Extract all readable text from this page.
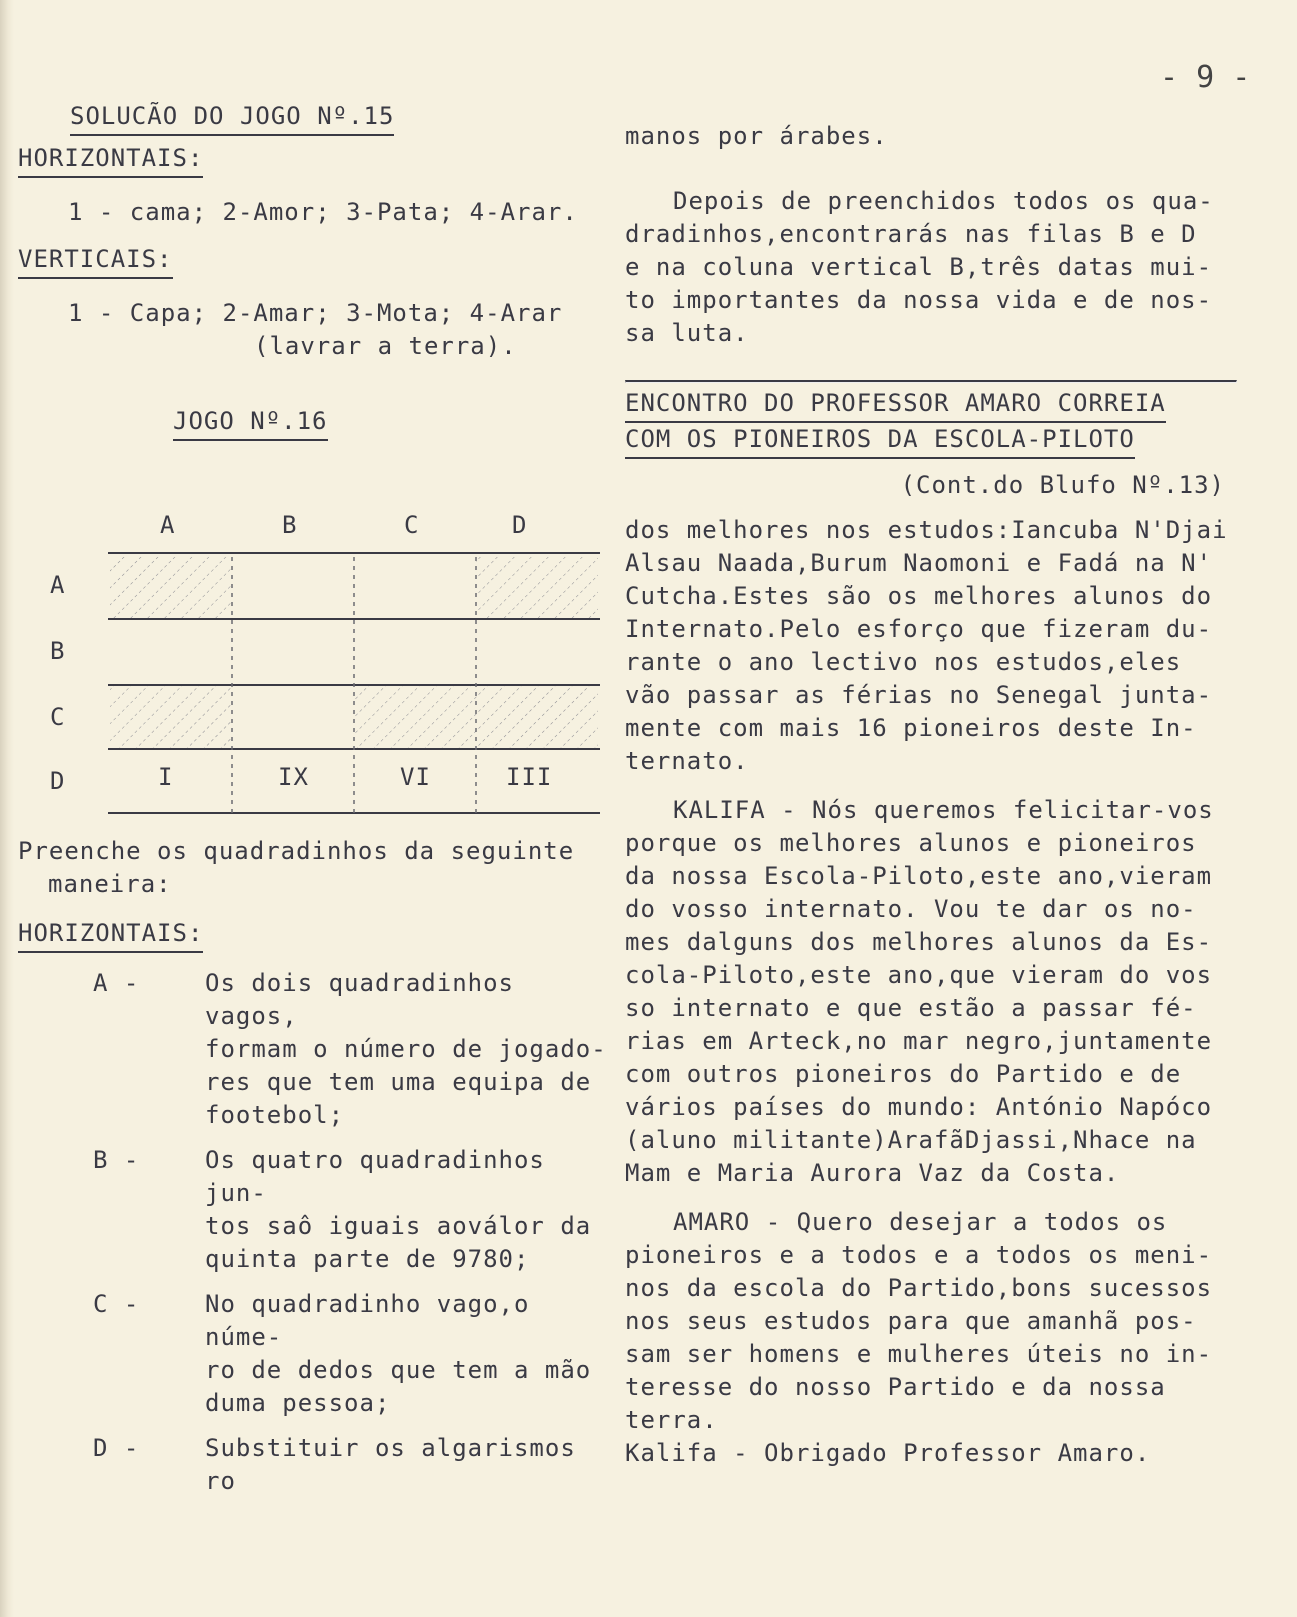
- 9 -
SOLUCÃO DO JOGO Nº.15
HORIZONTAIS:

1 - cama; 2-Amor; 3-Pata; 4-Arar.

VERTICAIS:

1 - Capa; 2-Amar; 3-Mota; 4-Arar

(lavrar a terra).

JOGO Nº.16
A	B	C	D
A
B
C
D	I	IX	VI	III

Preenche os quadradinhos da seguinte

maneira:

HORIZONTAIS:
A -	Os dois quadradinhos vagos,
formam o número de jogado-
res que tem uma equipa de
footebol;
B -	Os quatro quadradinhos jun-
tos saô iguais aoválor da
quinta parte de 9780;
C -	No quadradinho vago,o núme-
ro de dedos que tem a mão
duma pessoa;
D -	Substituir os algarismos ro

manos por árabes.

Depois de preenchidos todos os qua-
dradinhos,encontrarás nas filas B e D
e na coluna vertical B,três datas mui-
to importantes da nossa vida e de nos-
sa luta.
ENCONTRO DO PROFESSOR AMARO CORREIA
COM OS PIONEIROS DA ESCOLA-PILOTO

(Cont.do Blufo Nº.13)

dos melhores nos estudos:Iancuba N'Djai
Alsau Naada,Burum Naomoni e Fadá na N'
Cutcha.Estes são os melhores alunos do
Internato.Pelo esforço que fizeram du-
rante o ano lectivo nos estudos,eles
vão passar as férias no Senegal junta-
mente com mais 16 pioneiros deste In-
ternato.
KALIFA - Nós queremos felicitar-vos
porque os melhores alunos e pioneiros
da nossa Escola-Piloto,este ano,vieram
do vosso internato. Vou te dar os no-
mes dalguns dos melhores alunos da Es-
cola-Piloto,este ano,que vieram do vos
so internato e que estão a passar fé-
rias em Arteck,no mar negro,juntamente
com outros pioneiros do Partido e de
vários países do mundo: António Napóco
(aluno militante)ArafãDjassi,Nhace na
Mam e Maria Aurora Vaz da Costa.
AMARO - Quero desejar a todos os
pioneiros e a todos e a todos os meni-
nos da escola do Partido,bons sucessos
nos seus estudos para que amanhã pos-
sam ser homens e mulheres úteis no in-
teresse do nosso Partido e da nossa
terra.

Kalifa - Obrigado Professor Amaro.
